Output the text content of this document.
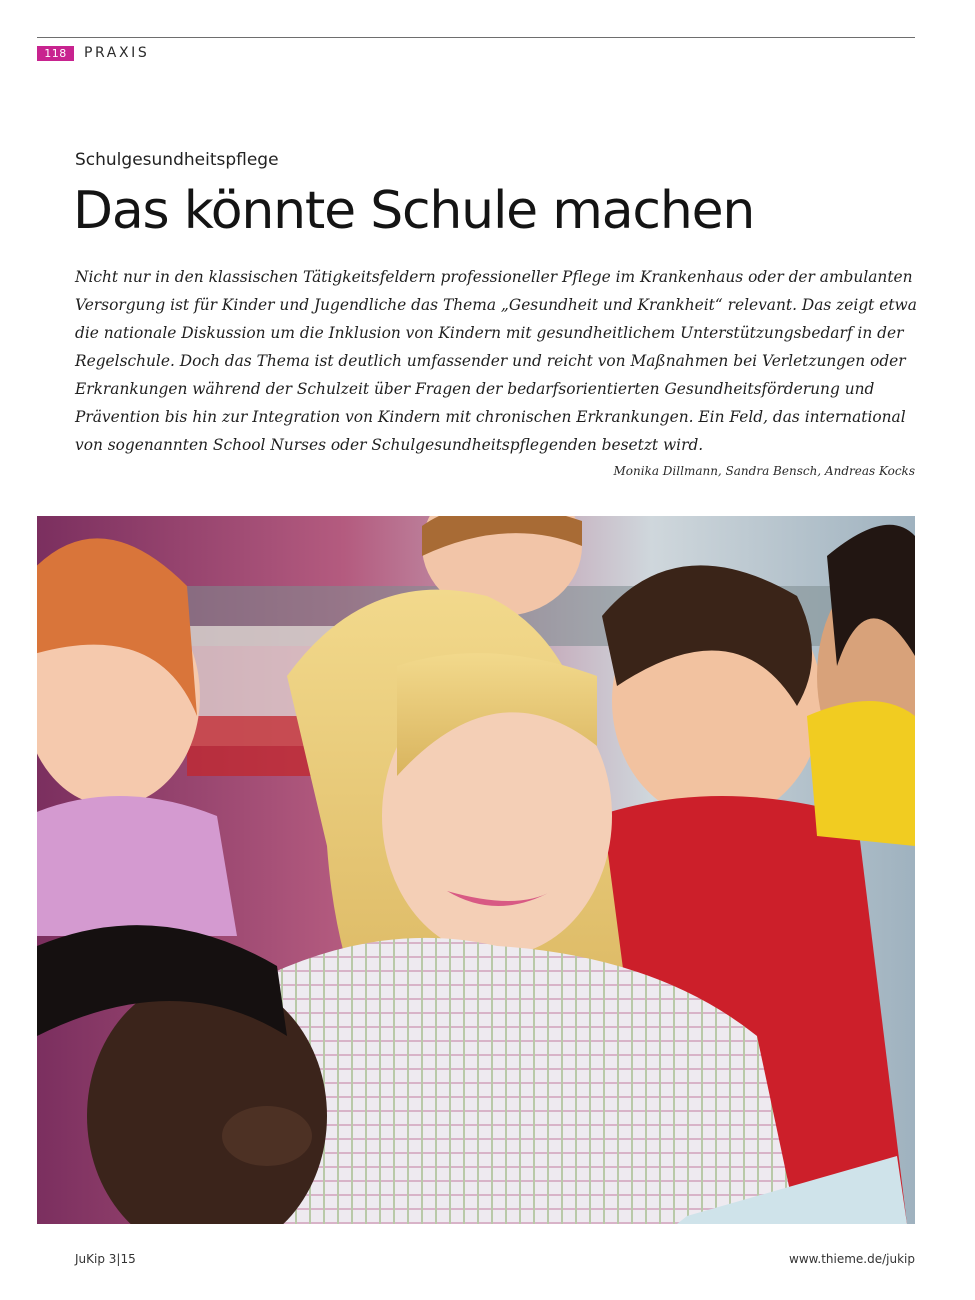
118	PRAXIS
Schulgesundheitspflege
Das könnte Schule machen

Nicht nur in den klassischen Tätigkeitsfeldern professioneller Pflege im Krankenhaus oder der ambulanten Versorgung ist für Kinder und Jugendliche das Thema „Gesundheit und Krankheit“ relevant. Das zeigt etwa die nationale Diskussion um die Inklusion von Kindern mit gesundheitlichem Unterstützungsbedarf in der Regelschule. Doch das Thema ist deutlich umfassender und reicht von Maßnahmen bei Verletzungen oder Erkrankungen während der Schulzeit über Fragen der bedarfsorientierten Gesundheitsförderung und Prävention bis hin zur Integration von Kindern mit chronischen Erkrankungen. Ein Feld, das international von sogenannten School Nurses oder Schulgesundheitspflegenden besetzt wird.

Monika Dillmann, Sandra Bensch, Andreas Kocks
JuKip 3|15	www.thieme.de/jukip
